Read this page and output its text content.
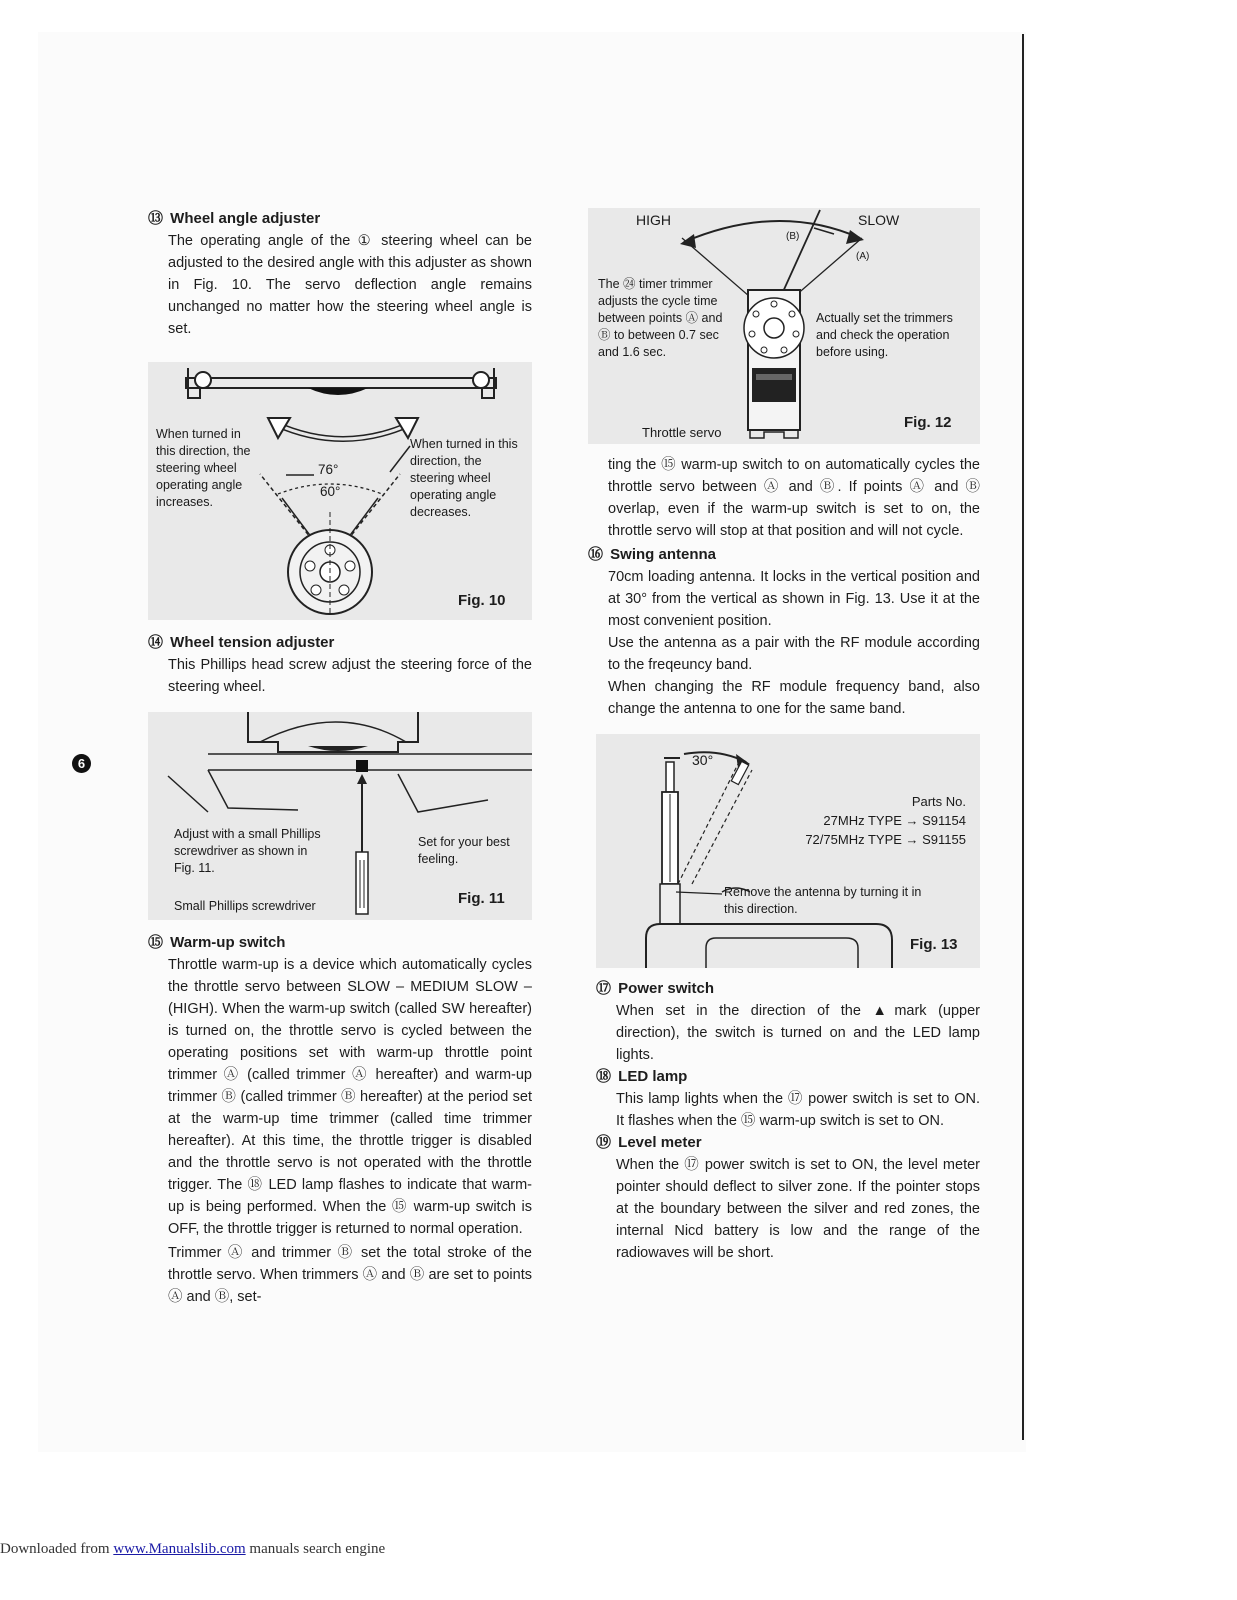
6
⑬ Wheel angle adjuster

The operating angle of the ① steering wheel can be adjusted to the desired angle with this adjuster as shown in Fig. 10. The servo deflection angle remains unchanged no matter how the steering wheel angle is set.

When turned in this direction, the steering wheel operating angle increases.
When turned in this direction, the steering wheel operating angle decreases.
76°
60°
Fig. 10
⑭ Wheel tension adjuster

This Phillips head screw adjust the steering force of the steering wheel.

Adjust with a small Phillips screwdriver as shown in Fig. 11.
Set for your best feeling.
Small Phillips screwdriver	Fig. 11
⑮ Warm-up switch

Throttle warm-up is a device which automatically cycles the throttle servo between SLOW – MEDIUM SLOW – (HIGH). When the warm-up switch (called SW hereafter) is turned on, the throttle servo is cycled between the operating positions set with warm-up throttle point trimmer Ⓐ (called trimmer Ⓐ hereafter) and warm-up trimmer Ⓑ (called trimmer Ⓑ hereafter) at the period set at the warm-up time trimmer (called time trimmer hereafter). At this time, the throttle trigger is disabled and the throttle servo is not operated with the throttle trigger. The ⑱ LED lamp flashes to indicate that warm-up is being performed. When the ⑮ warm-up switch is OFF, the throttle trigger is returned to normal operation.

Trimmer Ⓐ and trimmer Ⓑ set the total stroke of the throttle servo. When trimmers Ⓐ and Ⓑ are set to points Ⓐ and Ⓑ, set-

HIGH	SLOW
(B)
(A)
The ㉔ timer trimmer adjusts the cycle time between points Ⓐ and Ⓑ to between 0.7 sec and 1.6 sec.
Actually set the trimmers and check the operation before using.
Throttle servo
Fig. 12

ting the ⑮ warm-up switch to on automatically cycles the throttle servo between Ⓐ and Ⓑ. If points Ⓐ and Ⓑ overlap, even if the warm-up switch is set to on, the throttle servo will stop at that position and will not cycle.

⑯ Swing antenna

70cm loading antenna. It locks in the vertical position and at 30° from the vertical as shown in Fig. 13. Use it at the most convenient position.

Use the antenna as a pair with the RF module according to the freqeuncy band.

When changing the RF module frequency band, also change the antenna to one for the same band.

30°
Parts No.
27MHz TYPE → S91154
72/75MHz TYPE → S91155
Remove the antenna by turning it in this direction.
Fig. 13
⑰ Power switch

When set in the direction of the ▲mark (upper direction), the switch is turned on and the LED lamp lights.

⑱ LED lamp

This lamp lights when the ⑰ power switch is set to ON. It flashes when the ⑮ warm-up switch is set to ON.

⑲ Level meter

When the ⑰ power switch is set to ON, the level meter pointer should deflect to silver zone. If the pointer stops at the boundary between the silver and red zones, the internal Nicd battery is low and the range of the radiowaves will be short.

Downloaded from www.Manualslib.com manuals search engine
